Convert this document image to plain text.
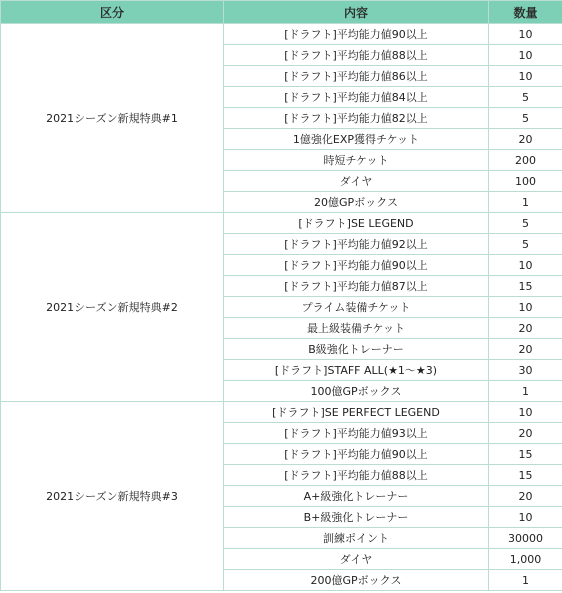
区分	内容	数量
2021シーズン新規特典#1	[ドラフト]平均能力値90以上	10
	[ドラフト]平均能力値88以上	10
	[ドラフト]平均能力値86以上	10
	[ドラフト]平均能力値84以上	5
	[ドラフト]平均能力値82以上	5
	1億強化EXP獲得チケット	20
	時短チケット	200
	ダイヤ	100
	20億GPボックス	1
2021シーズン新規特典#2	[ドラフト]SE LEGEND	5
	[ドラフト]平均能力値92以上	5
	[ドラフト]平均能力値90以上	10
	[ドラフト]平均能力値87以上	15
	プライム装備チケット	10
	最上級装備チケット	20
	B級強化トレーナー	20
	[ドラフト]STAFF ALL(★1～★3)	30
	100億GPボックス	1
2021シーズン新規特典#3	[ドラフト]SE PERFECT LEGEND	10
	[ドラフト]平均能力値93以上	20
	[ドラフト]平均能力値90以上	15
	[ドラフト]平均能力値88以上	15
	A+級強化トレーナー	20
	B+級強化トレーナー	10
	訓練ポイント	30000
	ダイヤ	1,000
	200億GPボックス	1
